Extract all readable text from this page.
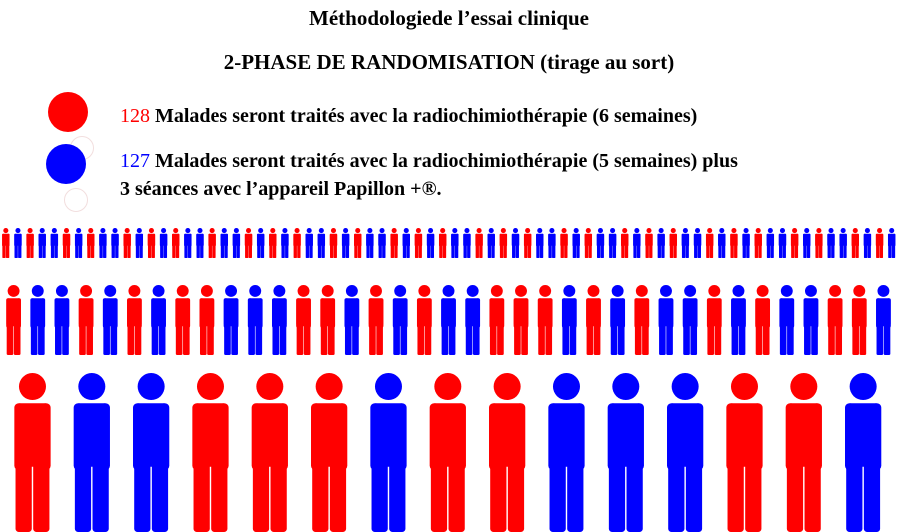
Méthodologiede l’essai clinique
2-PHASE DE RANDOMISATION (tirage au sort)
128 Malades seront traités avec la radiochimiothérapie (6 semaines)
127 Malades seront traités avec la radiochimiothérapie (5 semaines) plus
3 séances avec l’appareil Papillon +®.
